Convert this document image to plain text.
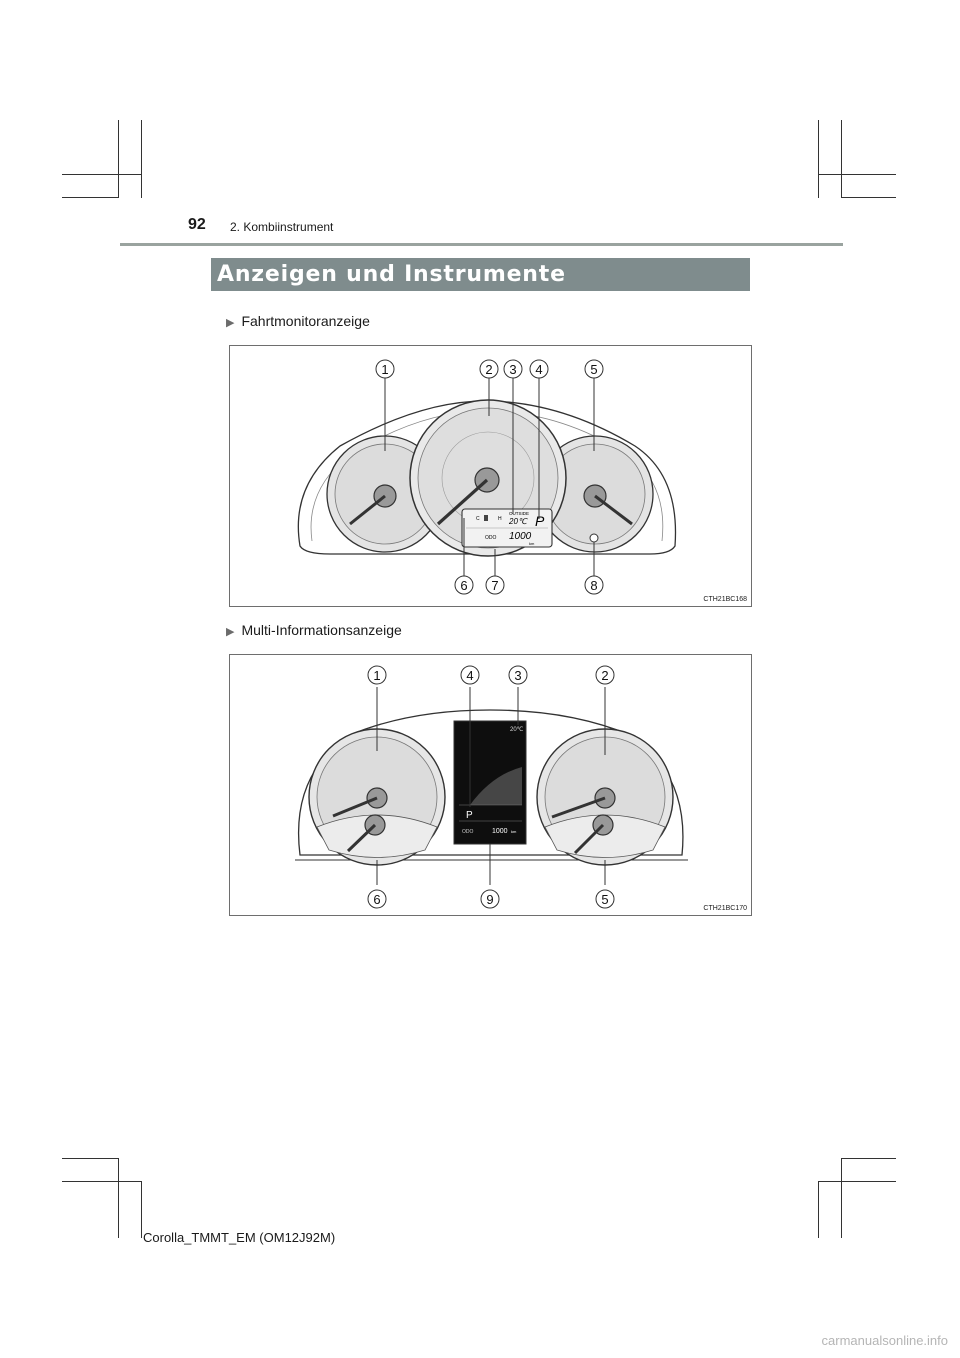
92 2. Kombiinstrument
Anzeigen und Instrumente
▶ Fahrtmonitoranzeige
C	H
OUTSIDE
20℃ P
ODO 1000
km
1	2 3 4	5
6 7	8
CTH21BC168
▶ Multi-Informationsanzeige
20℃
P
ODO	1000 km
1	4	3	2
6	9	5
CTH21BC170
Corolla_TMMT_EM (OM12J92M)
carmanualsonline.info
